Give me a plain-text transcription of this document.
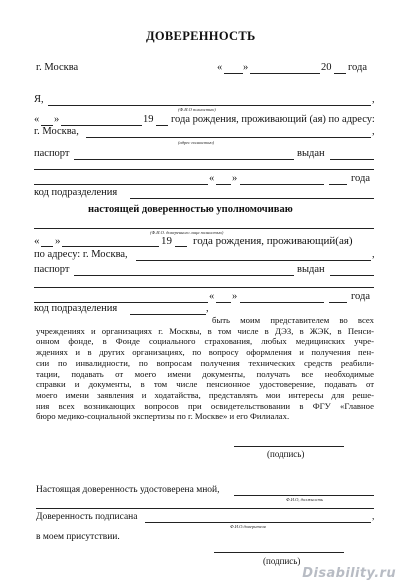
ДОВЕРЕННОСТЬ
г. Москва	« »	20 года
Я,	,
(Ф.И.О полностью)
« »	19 года рождения, проживающий (ая) по адресу:
г. Москва,	,
(адрес полностью)
паспорт	выдан
« »	года
код подразделения
настоящей доверенностью уполномочиваю
(Ф.И.О. доверенного лица полностью)
« »	19 года рождения, проживающий(ая)
по адресу: г. Москва,	,
паспорт	выдан
« »	года
код подразделения	,

быть моим представителем во всех
учреждениях и организациях г. Москвы, в том числе в ДЭЗ, в ЖЭК, в Пенси-
онном фонде, в Фонде социального страхования, любых медицинских учре-
ждениях и в других организациях, по вопросу оформления и получения пен-
сии по инвалидности, по вопросам получения технических средств реабили-
тации, подавать от моего имени документы, получать все необходимые
справки и документы, в том числе пенсионное удостоверение, подавать от
моего имени заявления и ходатайства, представлять мои интересы для реше-
ния всех возникающих вопросов при освидетельствовании в ФГУ «Главное
бюро медико-социальной экспертизы по г. Москве» и его Филиалах.

(подпись)
Настоящая доверенность удостоверена мной,
Ф.И.О, должность
Доверенность подписана	,
Ф.И.О.доверителя
в моем присутствии.
(подпись)
Disability.ru
